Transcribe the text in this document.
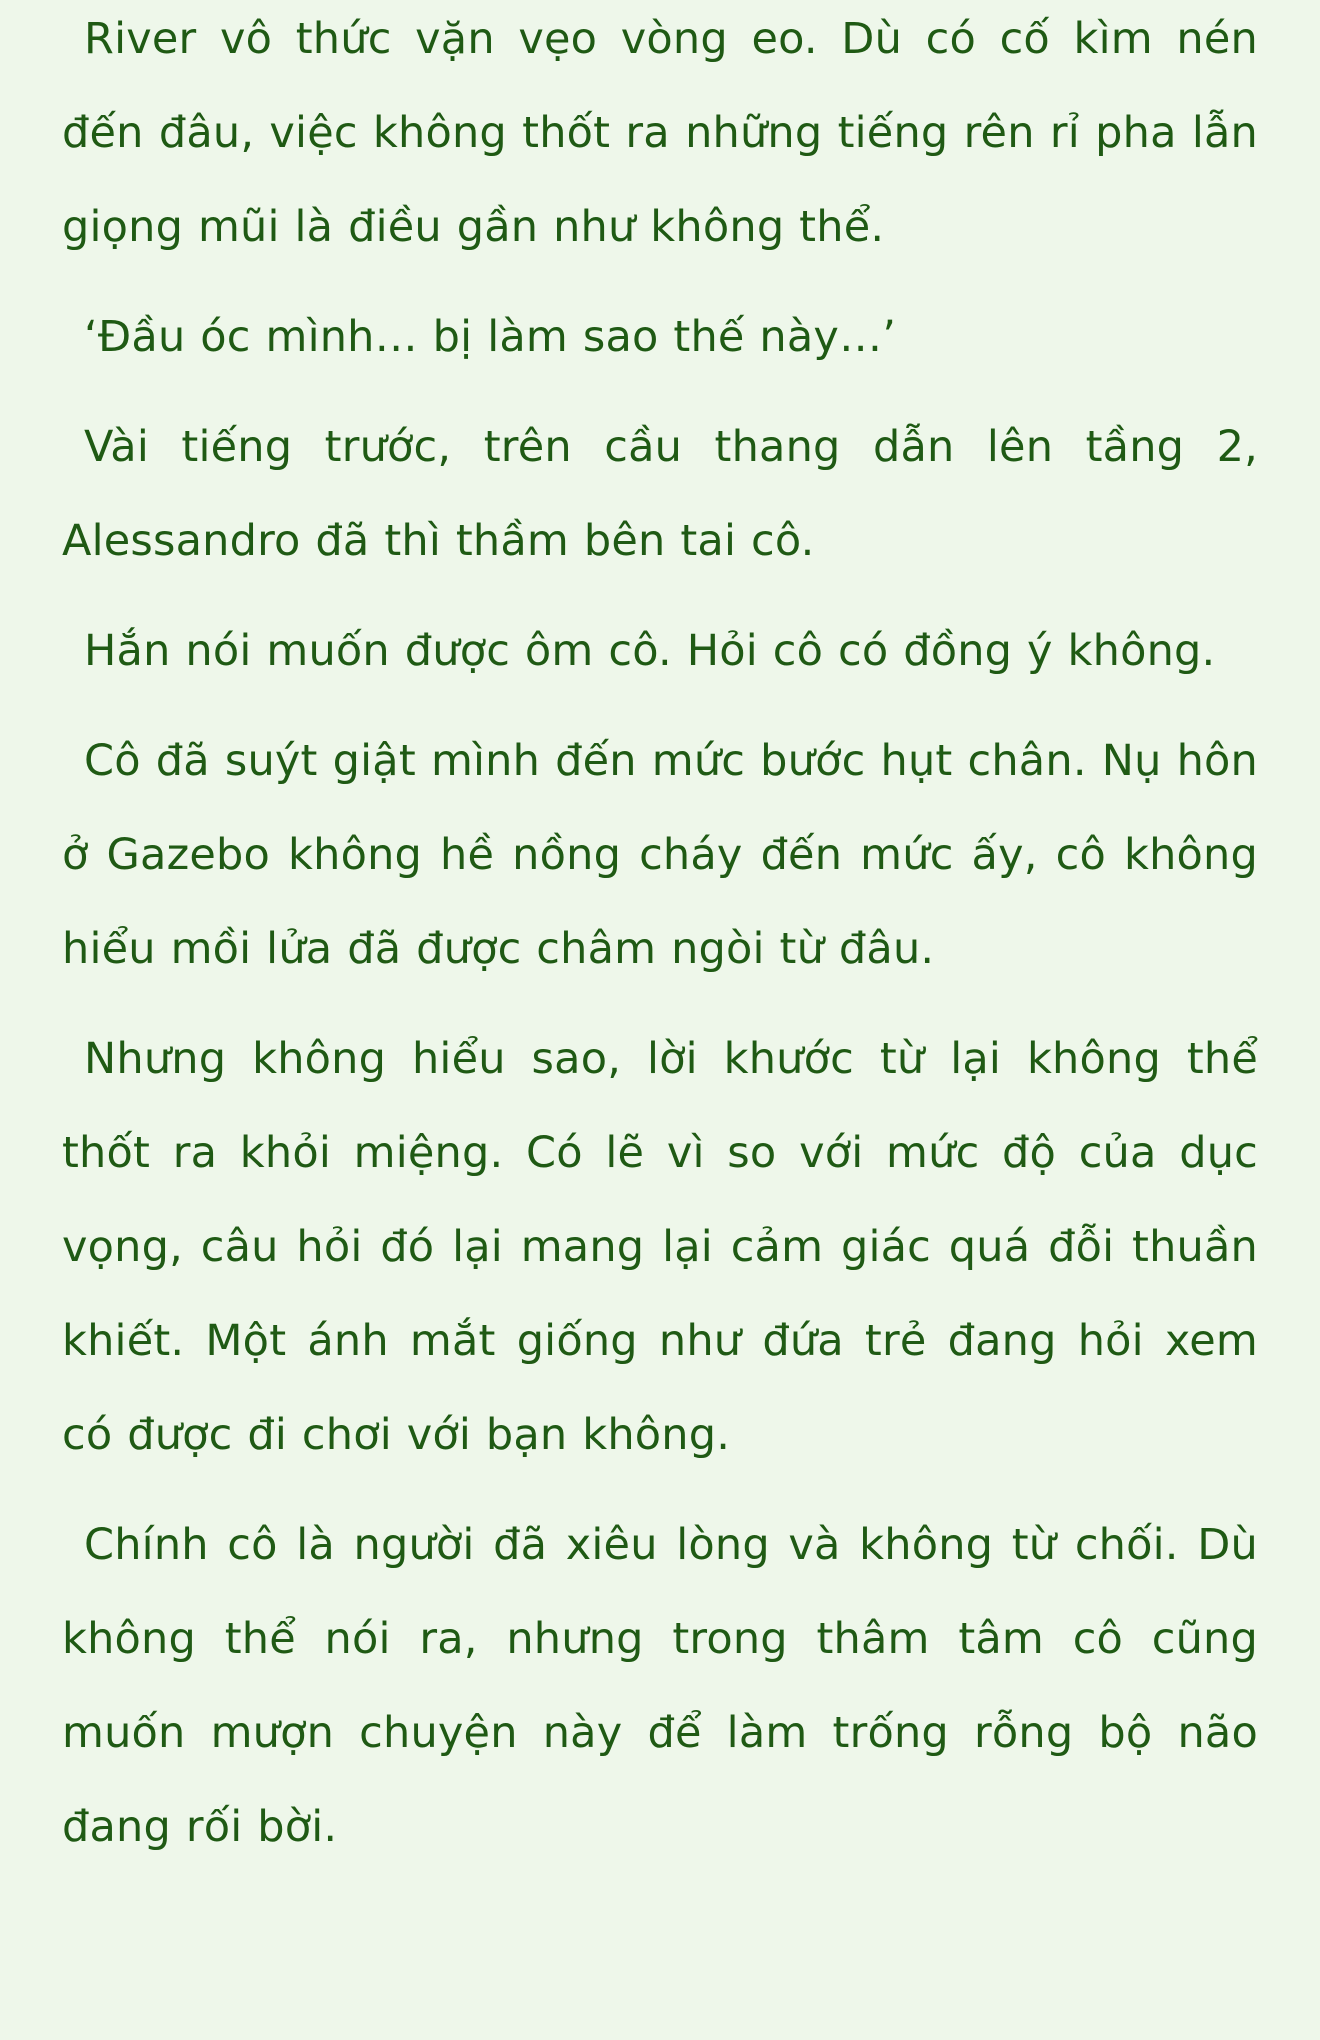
River vô thức vặn vẹo vòng eo. Dù có cố kìm nén đến đâu, việc không thốt ra những tiếng rên rỉ pha lẫn giọng mũi là điều gần như không thể.

‘Đầu óc mình… bị làm sao thế này…’

Vài tiếng trước, trên cầu thang dẫn lên tầng 2, Alessandro đã thì thầm bên tai cô.

Hắn nói muốn được ôm cô. Hỏi cô có đồng ý không.

Cô đã suýt giật mình đến mức bước hụt chân. Nụ hôn ở Gazebo không hề nồng cháy đến mức ấy, cô không hiểu mồi lửa đã được châm ngòi từ đâu.

Nhưng không hiểu sao, lời khước từ lại không thể thốt ra khỏi miệng. Có lẽ vì so với mức độ của dục vọng, câu hỏi đó lại mang lại cảm giác quá đỗi thuần khiết. Một ánh mắt giống như đứa trẻ đang hỏi xem có được đi chơi với bạn không.

Chính cô là người đã xiêu lòng và không từ chối. Dù không thể nói ra, nhưng trong thâm tâm cô cũng muốn mượn chuyện này để làm trống rỗng bộ não đang rối bời.
